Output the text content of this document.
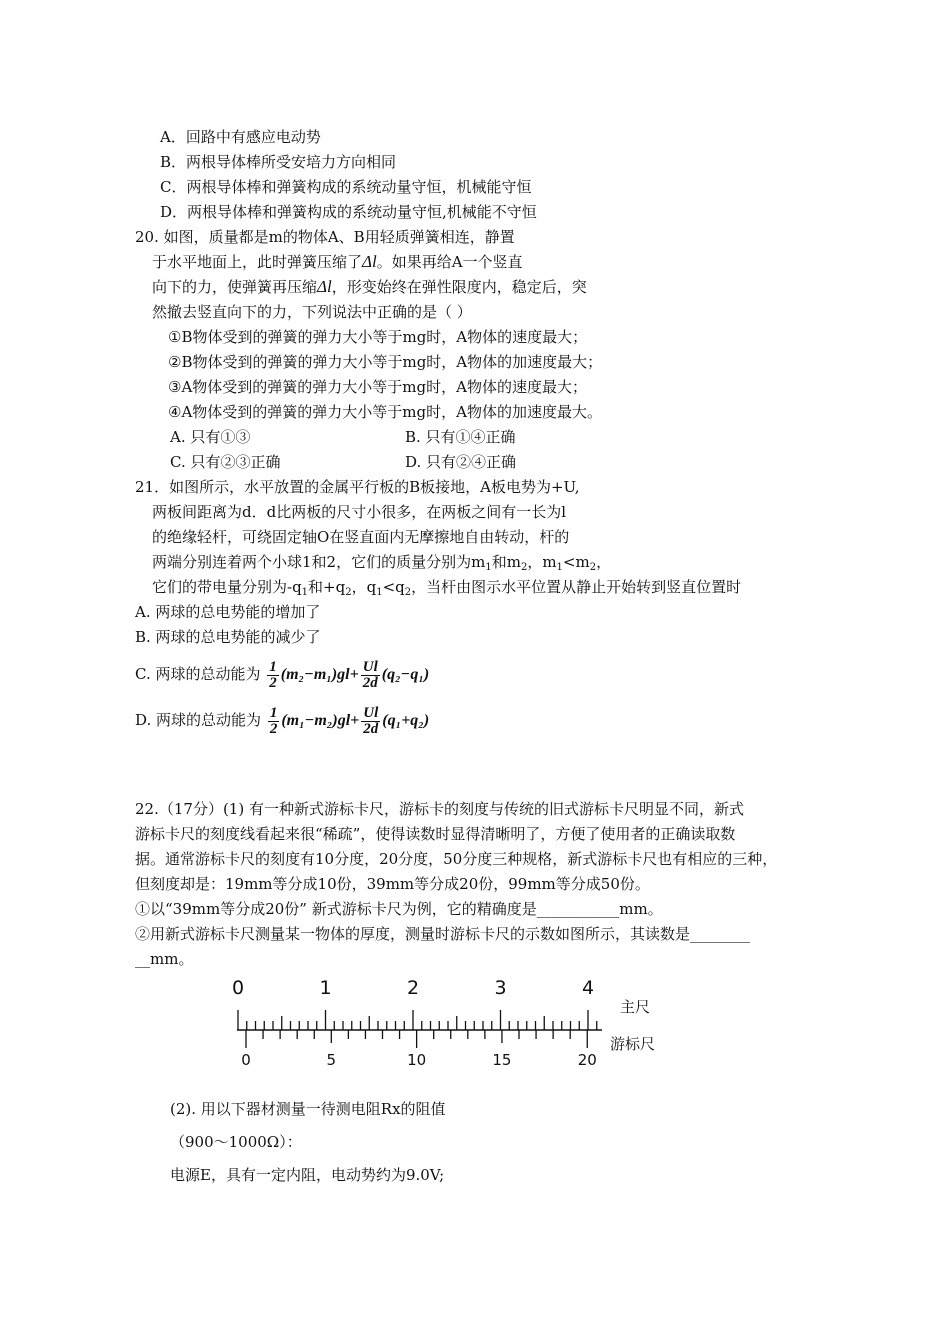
A．回路中有感应电动势
B．两根导体棒所受安培力方向相同
C．两根导体棒和弹簧构成的系统动量守恒，机械能守恒
D．两根导体棒和弹簧构成的系统动量守恒,机械能不守恒
20. 如图，质量都是m的物体A、B用轻质弹簧相连，静置
于水平地面上，此时弹簧压缩了Δl。如果再给A一个竖直
向下的力，使弹簧再压缩Δl，形变始终在弹性限度内，稳定后，突
然撤去竖直向下的力，下列说法中正确的是（ ）
①B物体受到的弹簧的弹力大小等于mg时，A物体的速度最大；
②B物体受到的弹簧的弹力大小等于mg时，A物体的加速度最大；
③A物体受到的弹簧的弹力大小等于mg时，A物体的速度最大；
④A物体受到的弹簧的弹力大小等于mg时，A物体的加速度最大。
A. 只有①③	B. 只有①④正确
C. 只有②③正确	D. 只有②④正确
21．如图所示，水平放置的金属平行板的B板接地，A板电势为+U,
两板间距离为d．d比两板的尺寸小很多，在两板之间有一长为l
的绝缘轻杆，可绕固定轴O在竖直面内无摩擦地自由转动，杆的
两端分别连着两个小球1和2，它们的质量分别为$m_1$和$m_2$，$m_1<m_2$，
它们的带电量分别为$-q_1$和$+q_2$，$q_1<q_2$，当杆由图示水平位置从静止开始转到竖直位置时
A. 两球的总电势能的增加了
B. 两球的总电势能的减少了
C. 两球的总动能为 $\frac{1}{2} (m_2-m_1)gl+ \frac{Ul}{2d} (q_2-q_1)$
D. 两球的总动能为 $\frac{1}{2} (m_1-m_2)gl+ \frac{Ul}{2d} (q_1+q_2)$
22.（17分）(1) 有一种新式游标卡尺，游标卡的刻度与传统的旧式游标卡尺明显不同，新式
游标卡尺的刻度线看起来很“稀疏”，使得读数时显得清晰明了，方便了使用者的正确读取数
据。通常游标卡尺的刻度有10分度，20分度，50分度三种规格，新式游标卡尺也有相应的三种，
但刻度却是：19mm等分成10份，39mm等分成20份，99mm等分成50份。
①以“39mm等分成20份” 新式游标卡尺为例，它的精确度是___________mm。
②用新式游标卡尺测量某一物体的厚度，测量时游标卡尺的示数如图所示，其读数是________
__mm。
0	1	2	3	4
0	5	10	15	20
主尺
游标尺
(2). 用以下器材测量一待测电阻Rx的阻值
（900～1000Ω）：
电源E，具有一定内阻，电动势约为9.0V;
